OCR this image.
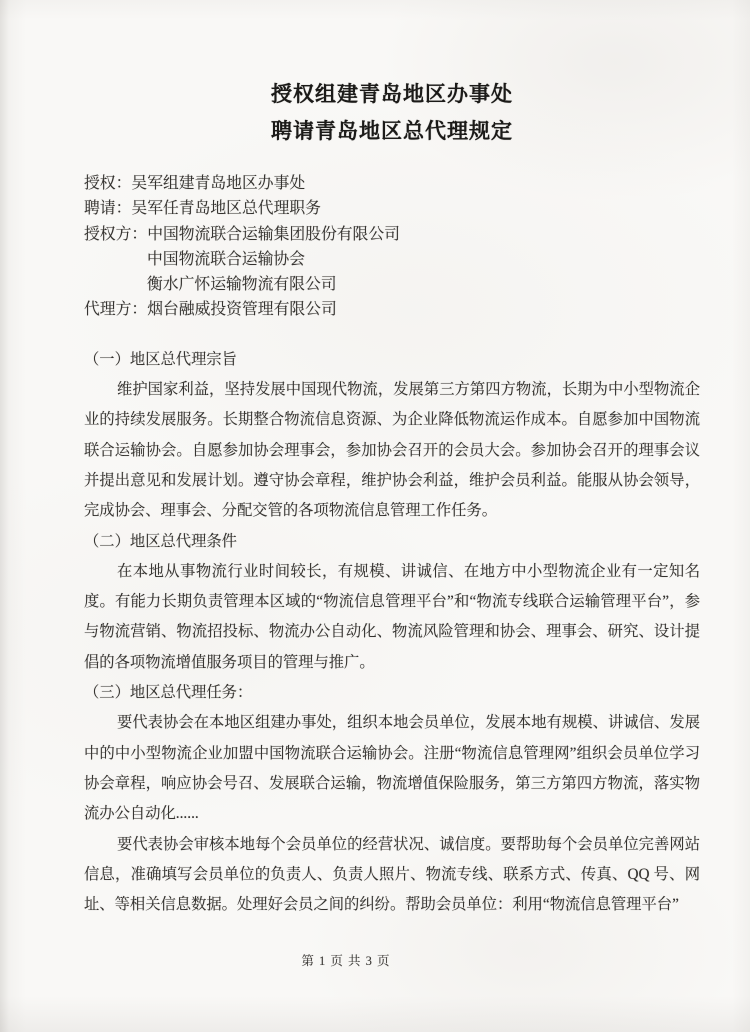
授权组建青岛地区办事处
聘请青岛地区总代理规定
授权：吴军组建青岛地区办事处
聘请：吴军任青岛地区总代理职务
授权方：中国物流联合运输集团股份有限公司
中国物流联合运输协会
衡水广怀运输物流有限公司
代理方：烟台融威投资管理有限公司
（一）地区总代理宗旨

维护国家利益，坚持发展中国现代物流，发展第三方第四方物流，长期为中小型物流企业的持续发展服务。长期整合物流信息资源、为企业降低物流运作成本。自愿参加中国物流联合运输协会。自愿参加协会理事会，参加协会召开的会员大会。参加协会召开的理事会议并提出意见和发展计划。遵守协会章程，维护协会利益，维护会员利益。能服从协会领导，完成协会、理事会、分配交管的各项物流信息管理工作任务。

（二）地区总代理条件

在本地从事物流行业时间较长，有规模、讲诚信、在地方中小型物流企业有一定知名度。有能力长期负责管理本区域的“物流信息管理平台”和“物流专线联合运输管理平台”，参与物流营销、物流招投标、物流办公自动化、物流风险管理和协会、理事会、研究、设计提倡的各项物流增值服务项目的管理与推广。

（三）地区总代理任务：

要代表协会在本地区组建办事处，组织本地会员单位，发展本地有规模、讲诚信、发展中的中小型物流企业加盟中国物流联合运输协会。注册“物流信息管理网”组织会员单位学习协会章程，响应协会号召、发展联合运输，物流增值保险服务，第三方第四方物流，落实物流办公自动化......

要代表协会审核本地每个会员单位的经营状况、诚信度。要帮助每个会员单位完善网站信息，准确填写会员单位的负责人、负责人照片、物流专线、联系方式、传真、QQ 号、网址、等相关信息数据。处理好会员之间的纠纷。帮助会员单位：利用“物流信息管理平台”

第 1 页 共 3 页
